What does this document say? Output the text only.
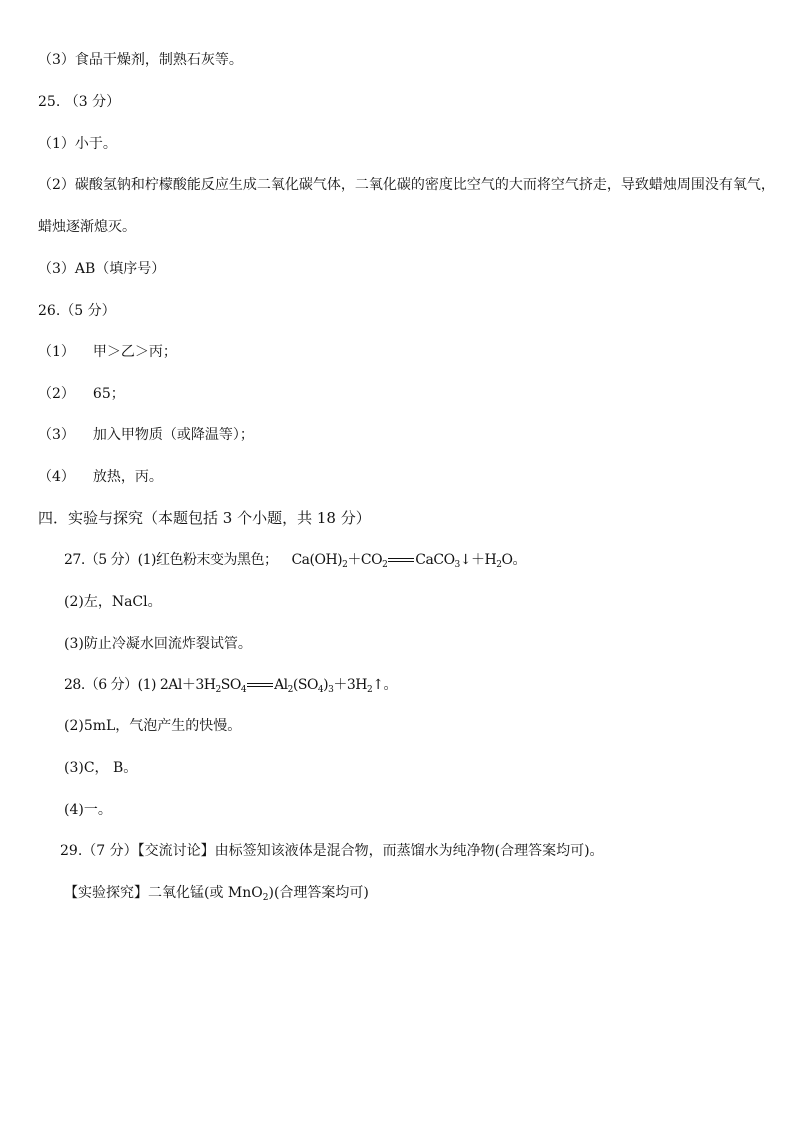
（3）食品干燥剂，制熟石灰等。
25. （3 分）
（1）小于。
（2）碳酸氢钠和柠檬酸能反应生成二氧化碳气体，二氧化碳的密度比空气的大而将空气挤走，导致蜡烛周围没有氧气，
蜡烛逐渐熄灭。
（3）AB（填序号）
26.（5 分）
（1） 甲＞乙＞丙；
（2） 65；
（3） 加入甲物质（或降温等）；
（4） 放热，丙。
四．实验与探究（本题包括 3 个小题，共 18 分）
27.（5 分）(1)红色粉末变为黑色； $Ca(OH)_2+CO_2$ $CaCO_3↓+H_2O$。
(2)左，NaCl。
(3)防止冷凝水回流炸裂试管。
28.（6 分）(1) $2Al+3H_2SO_4$ $Al_2(SO_4)_3+3H_2↑$。
(2)5mL，气泡产生的快慢。
(3)C， B。
(4)一。
29.（7 分）【交流讨论】由标签知该液体是混合物，而蒸馏水为纯净物(合理答案均可)。
【实验探究】二氧化锰(或 MnO$_2$)(合理答案均可)
